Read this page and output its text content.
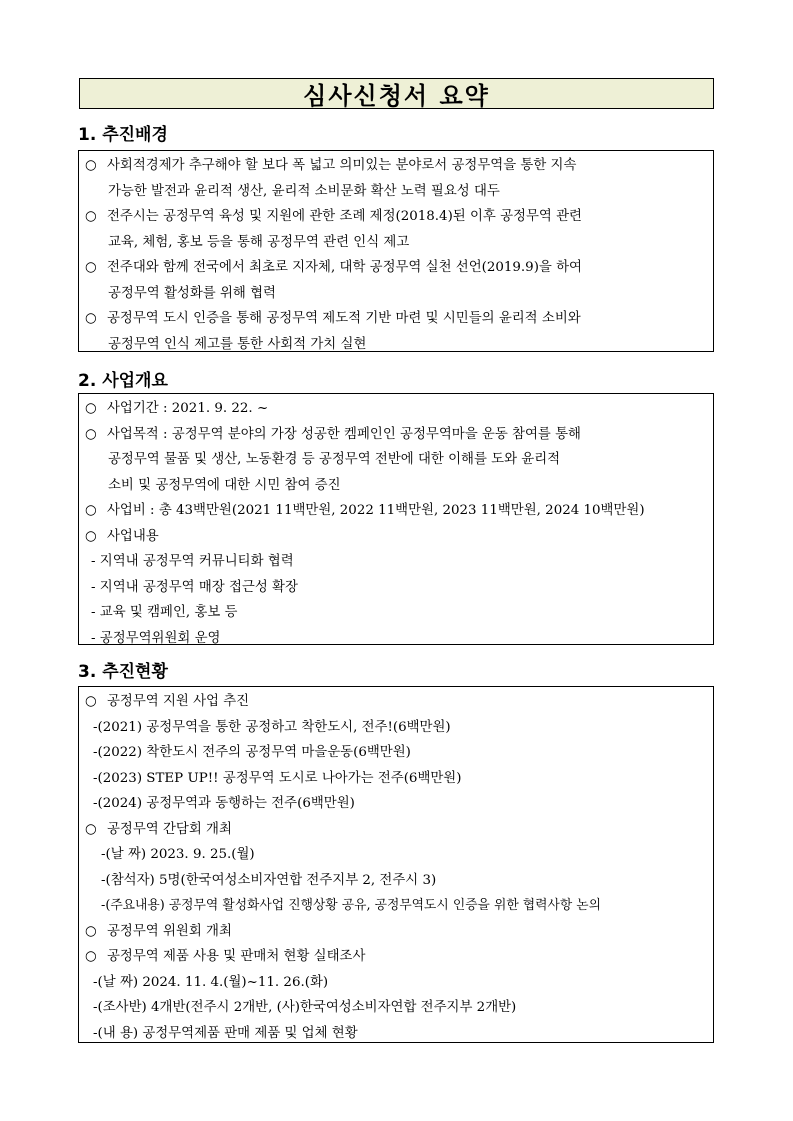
심사신청서 요약
1. 추진배경
○ 사회적경제가 추구해야 할 보다 폭 넓고 의미있는 분야로서 공정무역을 통한 지속
가능한 발전과 윤리적 생산, 윤리적 소비문화 확산 노력 필요성 대두
○ 전주시는 공정무역 육성 및 지원에 관한 조례 제정(2018.4)된 이후 공정무역 관련
교육, 체험, 홍보 등을 통해 공정무역 관련 인식 제고
○ 전주대와 함께 전국에서 최초로 지자체, 대학 공정무역 실천 선언(2019.9)을 하여
공정무역 활성화를 위해 협력
○ 공정무역 도시 인증을 통해 공정무역 제도적 기반 마련 및 시민들의 윤리적 소비와
공정무역 인식 제고를 통한 사회적 가치 실현
2. 사업개요
○ 사업기간 : 2021. 9. 22. ~
○ 사업목적 : 공정무역 분야의 가장 성공한 켐페인인 공정무역마을 운동 참여를 통해
공정무역 물품 및 생산, 노동환경 등 공정무역 전반에 대한 이해를 도와 윤리적
소비 및 공정무역에 대한 시민 참여 증진
○ 사업비 : 총 43백만원(2021 11백만원, 2022 11백만원, 2023 11백만원, 2024 10백만원)
○ 사업내용
- 지역내 공정무역 커뮤니티화 협력
- 지역내 공정무역 매장 접근성 확장
- 교육 및 캠페인, 홍보 등
- 공정무역위원회 운영
3. 추진현황
○ 공정무역 지원 사업 추진
-(2021) 공정무역을 통한 공정하고 착한도시, 전주!(6백만원)
-(2022) 착한도시 전주의 공정무역 마을운동(6백만원)
-(2023) STEP UP!! 공정무역 도시로 나아가는 전주(6백만원)
-(2024) 공정무역과 동행하는 전주(6백만원)
○ 공정무역 간담회 개최
-(날 짜) 2023. 9. 25.(월)
-(참석자) 5명(한국여성소비자연합 전주지부 2, 전주시 3)
-(주요내용) 공정무역 활성화사업 진행상황 공유, 공정무역도시 인증을 위한 협력사항 논의
○ 공정무역 위원회 개최
○ 공정무역 제품 사용 및 판매처 현황 실태조사
-(날 짜) 2024. 11. 4.(월)~11. 26.(화)
-(조사반) 4개반(전주시 2개반, (사)한국여성소비자연합 전주지부 2개반)
-(내 용) 공정무역제품 판매 제품 및 업체 현황
